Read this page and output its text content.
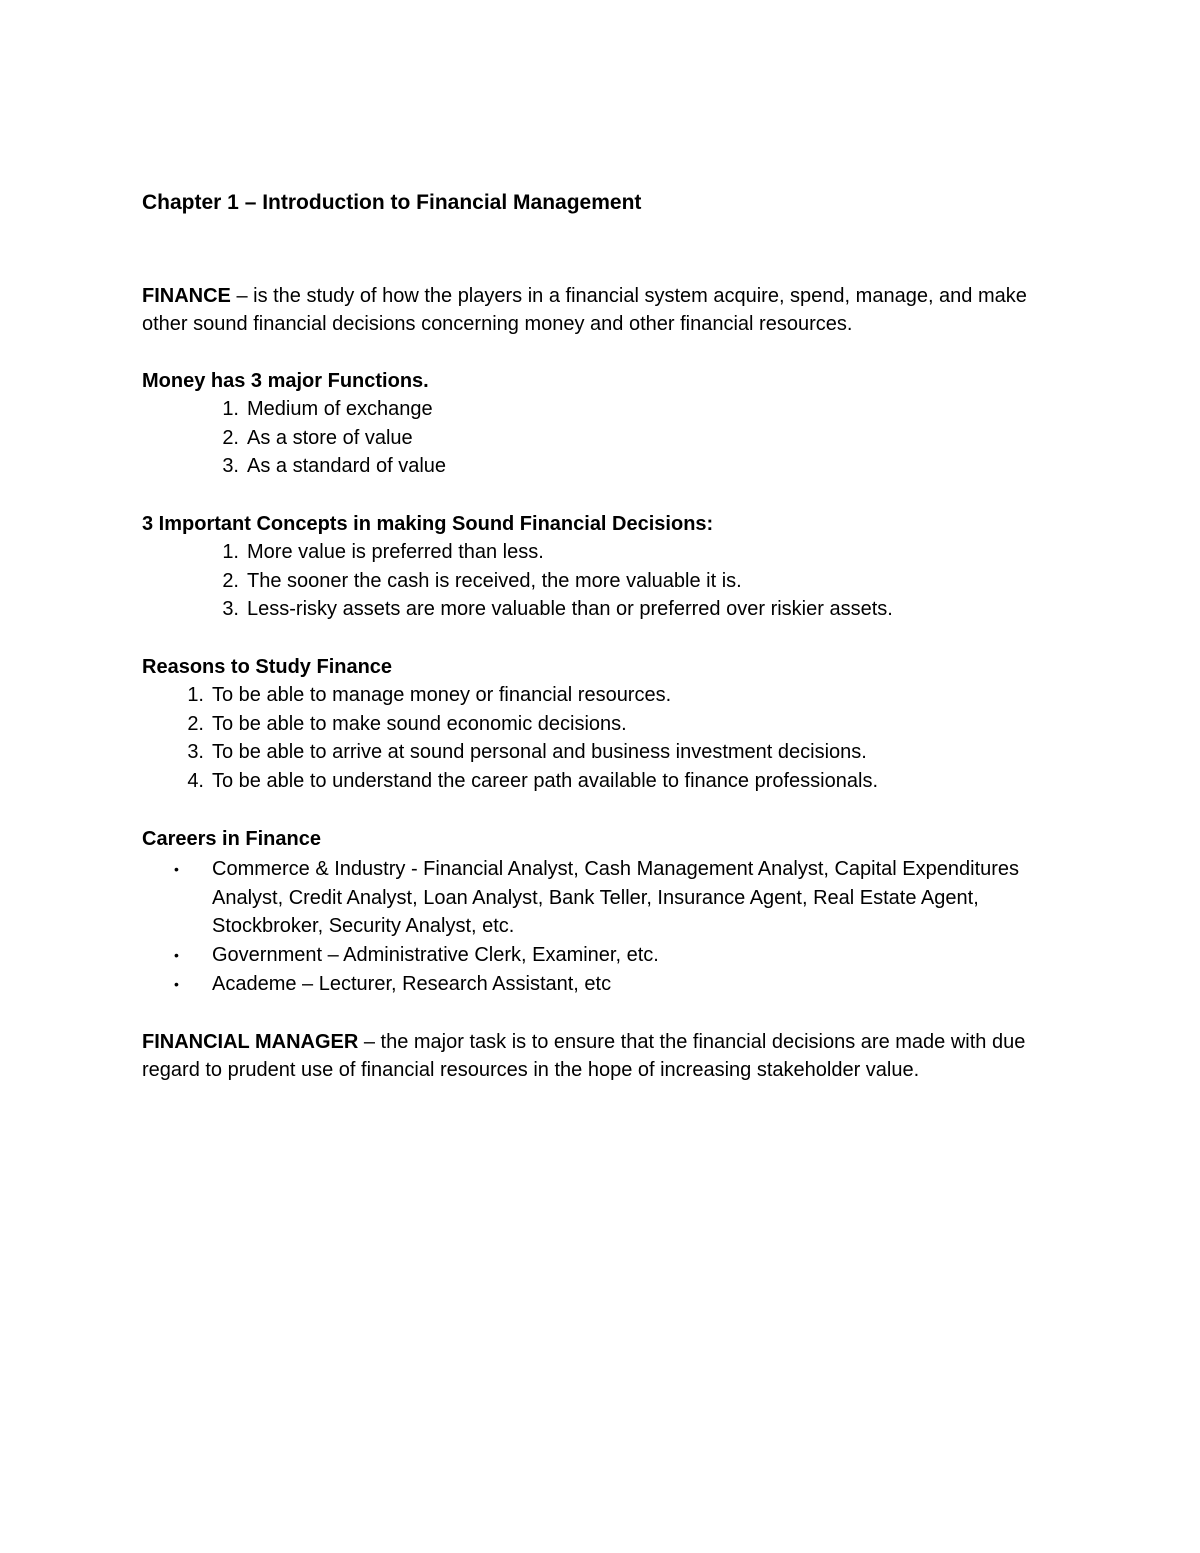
Chapter 1 – Introduction to Financial Management

FINANCE – is the study of how the players in a financial system acquire, spend, manage, and make other sound financial decisions concerning money and other financial resources.

Money has 3 major Functions.
1. Medium of exchange
2. As a store of value
3. As a standard of value
3 Important Concepts in making Sound Financial Decisions:
1. More value is preferred than less.
2. The sooner the cash is received, the more valuable it is.
3. Less-risky assets are more valuable than or preferred over riskier assets.
Reasons to Study Finance
1. To be able to manage money or financial resources.
2. To be able to make sound economic decisions.
3. To be able to arrive at sound personal and business investment decisions.
4. To be able to understand the career path available to finance professionals.
Careers in Finance
• Commerce & Industry - Financial Analyst, Cash Management Analyst, Capital Expenditures Analyst, Credit Analyst, Loan Analyst, Bank Teller, Insurance Agent, Real Estate Agent, Stockbroker, Security Analyst, etc.
• Government – Administrative Clerk, Examiner, etc.
• Academe – Lecturer, Research Assistant, etc

FINANCIAL MANAGER – the major task is to ensure that the financial decisions are made with due regard to prudent use of financial resources in the hope of increasing stakeholder value.
